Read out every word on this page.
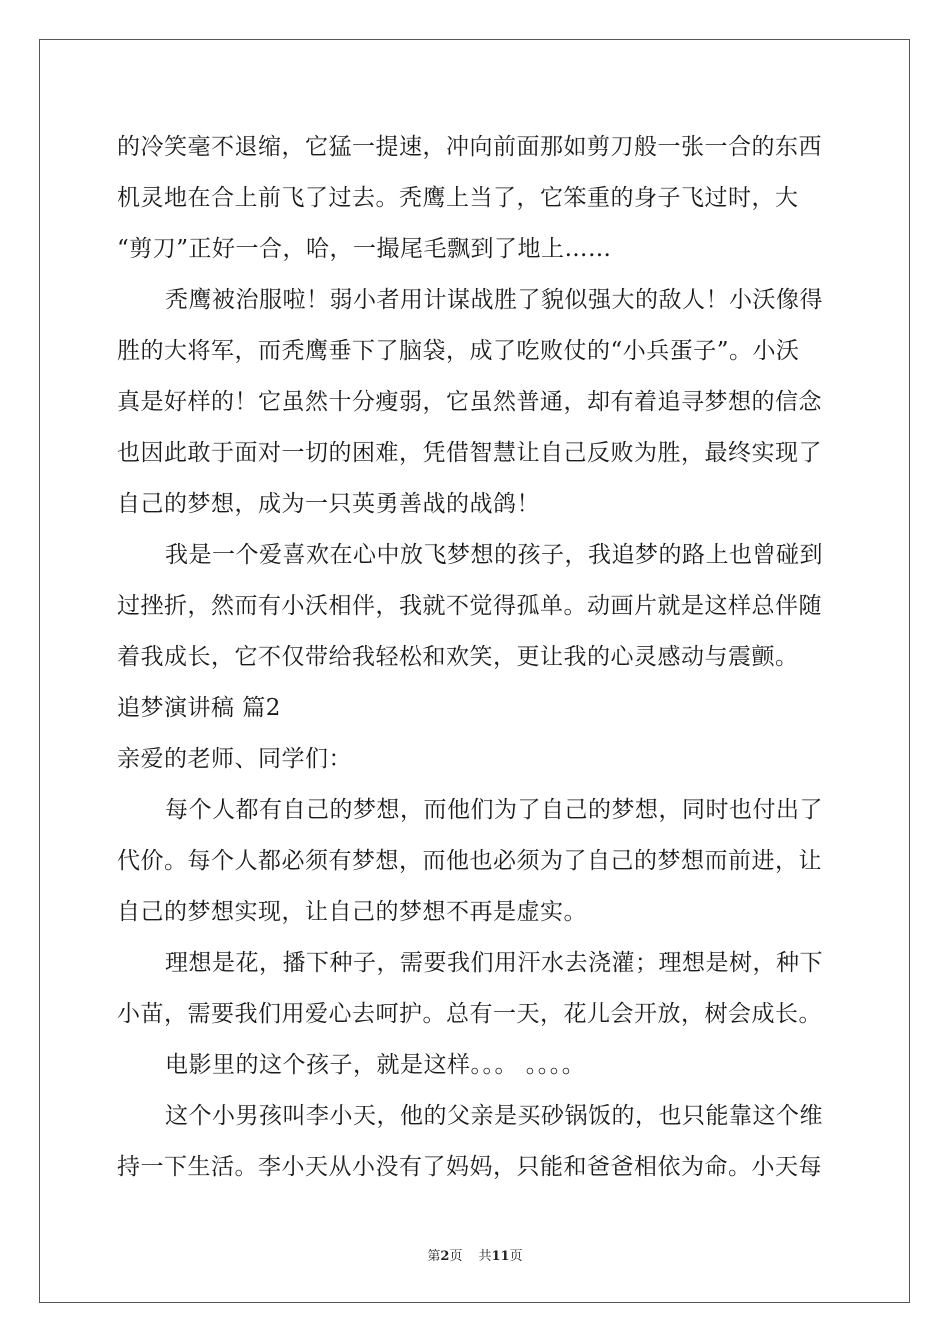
的冷笑毫不退缩，它猛一提速，冲向前面那如剪刀般一张一合的东西
机灵地在合上前飞了过去。秃鹰上当了，它笨重的身子飞过时，大
“剪刀”正好一合，哈，一撮尾毛飘到了地上……
秃鹰被治服啦！弱小者用计谋战胜了貌似强大的敌人！小沃像得
胜的大将军，而秃鹰垂下了脑袋，成了吃败仗的“小兵蛋子”。小沃
真是好样的！它虽然十分瘦弱，它虽然普通，却有着追寻梦想的信念
也因此敢于面对一切的困难，凭借智慧让自己反败为胜，最终实现了
自己的梦想，成为一只英勇善战的战鸽！
我是一个爱喜欢在心中放飞梦想的孩子，我追梦的路上也曾碰到
过挫折，然而有小沃相伴，我就不觉得孤单。动画片就是这样总伴随
着我成长，它不仅带给我轻松和欢笑，更让我的心灵感动与震颤。
追梦演讲稿 篇2
亲爱的老师、同学们：
每个人都有自己的梦想，而他们为了自己的梦想，同时也付出了
代价。每个人都必须有梦想，而他也必须为了自己的梦想而前进，让
自己的梦想实现，让自己的梦想不再是虚实。
理想是花，播下种子，需要我们用汗水去浇灌；理想是树，种下
小苗，需要我们用爱心去呵护。总有一天，花儿会开放，树会成长。
电影里的这个孩子，就是这样。。。 。。。。
这个小男孩叫李小天，他的父亲是买砂锅饭的，也只能靠这个维
持一下生活。李小天从小没有了妈妈，只能和爸爸相依为命。小天每
第2页 共11页
